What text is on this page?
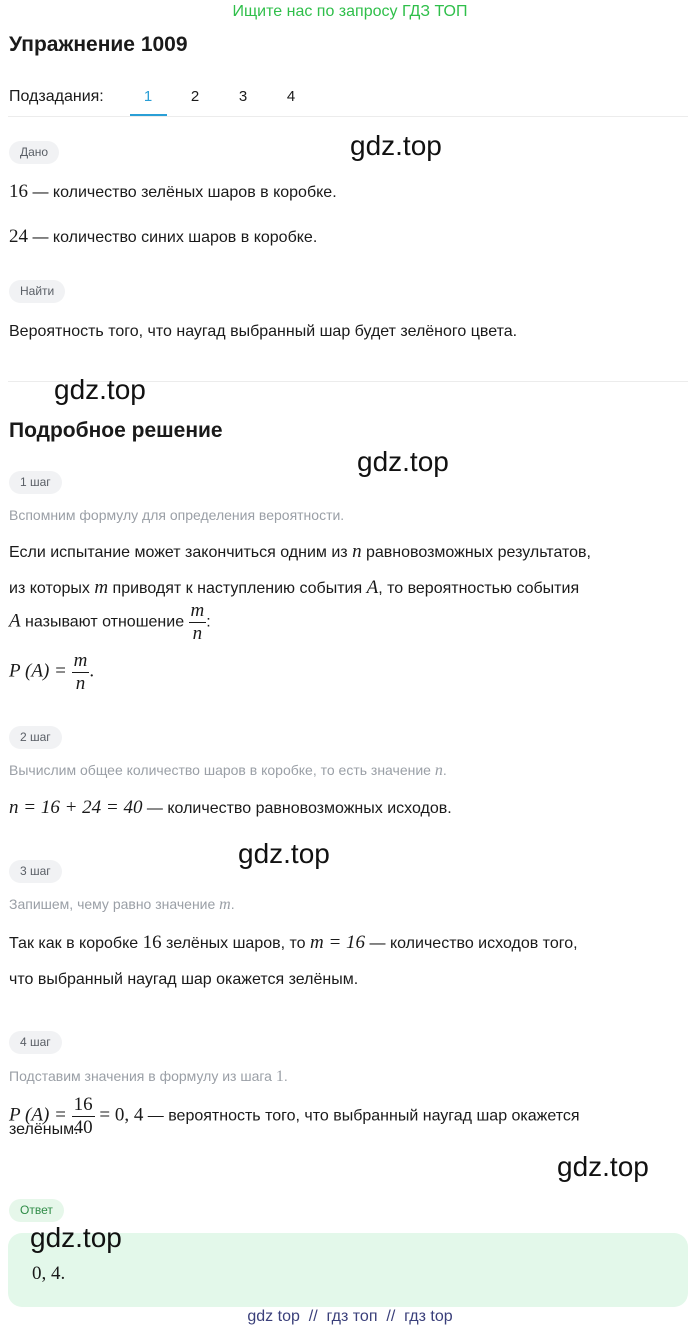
Ищите нас по запросу ГДЗ ТОП
Упражнение 1009
Подзадания:	1	2	3	4
Дано	gdz.top
16 — количество зелёных шаров в коробке.
24 — количество синих шаров в коробке.
Найти
Вероятность того, что наугад выбранный шар будет зелёного цвета.
gdz.top
Подробное решение
gdz.top
1 шаг
Вспомним формулу для определения вероятности.
Если испытание может закончиться одним из n равновозможных результатов,
из которых m приводят к наступлению события A, то вероятностью события
A называют отношение $\frac{m}{n}$ :
P $(A) = \frac{m}{n}$ .
2 шаг
Вычислим общее количество шаров в коробке, то есть значение n.
n = 16 + 24 = 40 — количество равновозможных исходов.
gdz.top
3 шаг
Запишем, чему равно значение m.
Так как в коробке 16 зелёных шаров, то m = 16 — количество исходов того,
что выбранный наугад шар окажется зелёным.
4 шаг
Подставим значения в формулу из шага 1.
P $(A) = \frac{16}{40} = 0$, 4 — вероятность того, что выбранный наугад шар окажется
зелёным.
gdz.top
Ответ
gdz.top
0, 4.
gdz top  //  гдз топ  //  гдз top
